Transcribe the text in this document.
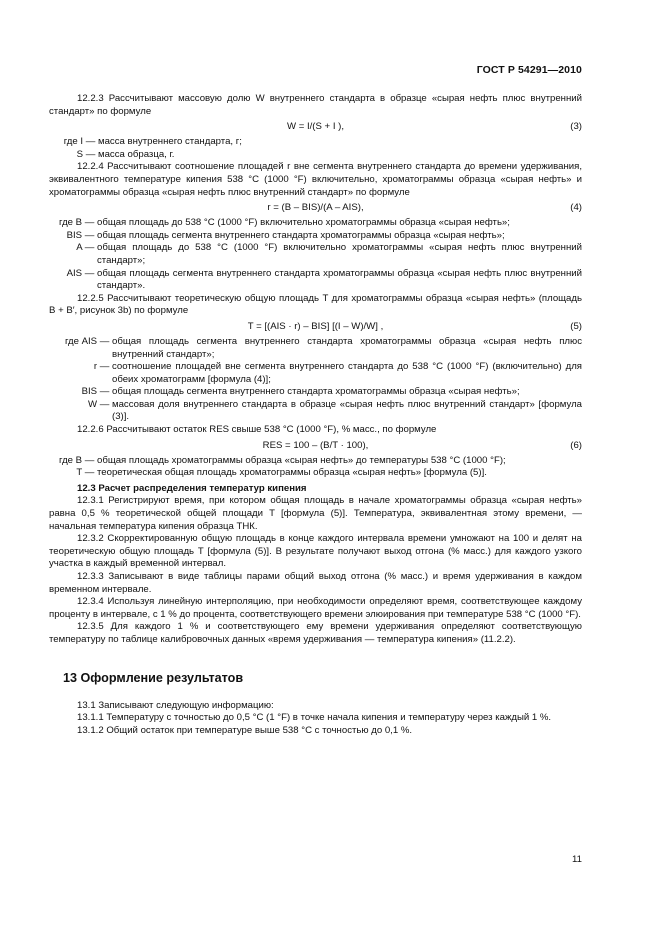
ГОСТ Р 54291—2010

12.2.3 Рассчитывают массовую долю W внутреннего стандарта в образце «сырая нефть плюс внутренний стандарт» по формуле

W = I/(S + I ),	(3)
где I — масса внутреннего стандарта, г;
S — масса образца, г.

12.2.4 Рассчитывают соотношение площадей r вне сегмента внутреннего стандарта до времени удерживания, эквивалентного температуре кипения 538 °С (1000 °F) включительно, хроматограммы образца «сырая нефть» и хроматограммы образца «сырая нефть плюс внутренний стандарт» по формуле

r = (B – BIS)/(A – AIS),	(4)
где B — общая площадь до 538 °С (1000 °F) включительно хроматограммы образца «сырая нефть»;
BIS — общая площадь сегмента внутреннего стандарта хроматограммы образца «сырая нефть»;
A — общая площадь до 538 °С (1000 °F) включительно хроматограммы «сырая нефть плюс внутренний стандарт»;
AIS — общая площадь сегмента внутреннего стандарта хроматограммы образца «сырая нефть плюс внутренний стандарт».

12.2.5 Рассчитывают теоретическую общую площадь T для хроматограммы образца «сырая нефть» (площадь B + B′, рисунок 3b) по формуле

T = [(AIS · r) – BIS] [(I – W)/W] ,	(5)
где AIS — общая площадь сегмента внутреннего стандарта хроматограммы образца «сырая нефть плюс внутренний стандарт»;
r — соотношение площадей вне сегмента внутреннего стандарта до 538 °С (1000 °F) (включительно) для обеих хроматограмм [формула (4)];
BIS — общая площадь сегмента внутреннего стандарта хроматограммы образца «сырая нефть»;
W — массовая доля внутреннего стандарта в образце «сырая нефть плюс внутренний стандарт» [формула (3)].

12.2.6 Рассчитывают остаток RES свыше 538 °С (1000 °F), % масс., по формуле

RES = 100 – (B/T · 100),	(6)
где B — общая площадь хроматограммы образца «сырая нефть» до температуры 538 °С (1000 °F);
T — теоретическая общая площадь хроматограммы образца «сырая нефть» [формула (5)].

12.3 Расчет распределения температур кипения

12.3.1 Регистрируют время, при котором общая площадь в начале хроматограммы образца «сырая нефть» равна 0,5 % теоретической общей площади T [формула (5)]. Температура, эквивалентная этому времени, — начальная температура кипения образца ТНК.

12.3.2 Скорректированную общую площадь в конце каждого интервала времени умножают на 100 и делят на теоретическую общую площадь T [формула (5)]. В результате получают выход отгона (% масс.) для каждого узкого участка в каждый временной интервал.

12.3.3 Записывают в виде таблицы парами общий выход отгона (% масс.) и время удерживания в каждом временном интервале.

12.3.4 Используя линейную интерполяцию, при необходимости определяют время, соответствующее каждому проценту в интервале, с 1 % до процента, соответствующего времени элюирования при температуре 538 °С (1000 °F).

12.3.5 Для каждого 1 % и соответствующего ему времени удерживания определяют соответствующую температуру по таблице калибровочных данных «время удерживания — температура кипения» (11.2.2).

13 Оформление результатов

13.1 Записывают следующую информацию:

13.1.1 Температуру с точностью до 0,5 °С (1 °F) в точке начала кипения и температуру через каждый 1 %.

13.1.2 Общий остаток при температуре выше 538 °С с точностью до 0,1 %.

11
